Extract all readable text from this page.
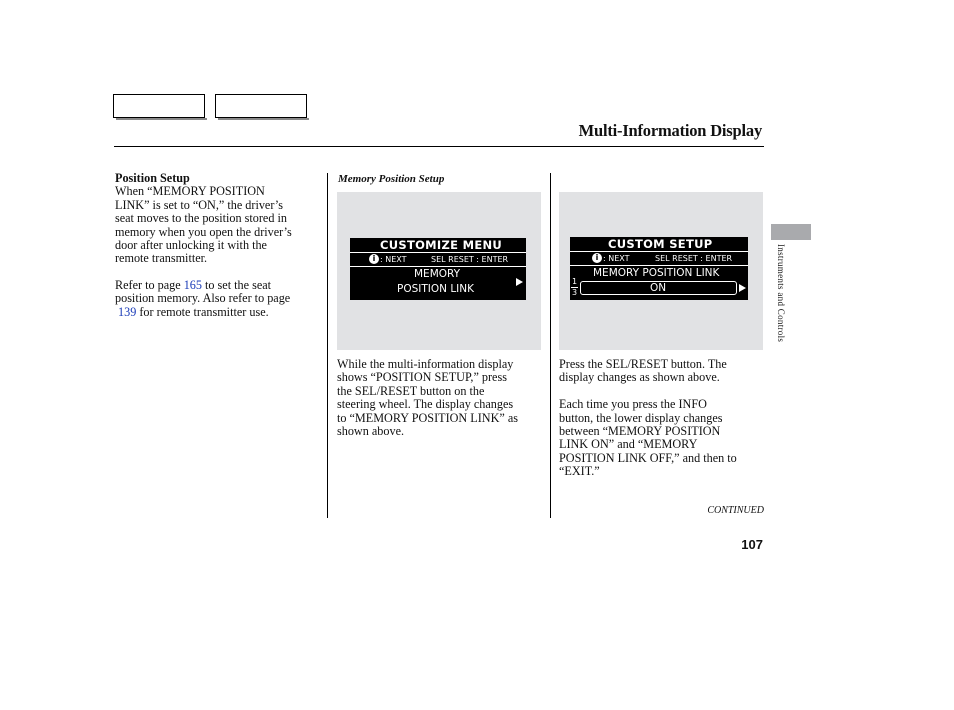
Multi-Information Display
Position Setup
When “MEMORY POSITION
LINK” is set to “ON,” the driver’s
seat moves to the position stored in
memory when you open the driver’s
door after unlocking it with the
remote transmitter.
Refer to page 165 to set the seat
position memory. Also refer to page
139 for remote transmitter use.
Memory Position Setup
CUSTOMIZE MENU
i : NEXT	SEL RESET : ENTER
MEMORY
POSITION LINK
CUSTOM SETUP
i : NEXT	SEL RESET : ENTER
MEMORY POSITION LINK
1
3	ON
While the multi-information display
shows “POSITION SETUP,” press
the SEL/RESET button on the
steering wheel. The display changes
to “MEMORY POSITION LINK” as
shown above.
Press the SEL/RESET button. The
display changes as shown above.
Each time you press the INFO
button, the lower display changes
between “MEMORY POSITION
LINK ON” and “MEMORY
POSITION LINK OFF,” and then to
“EXIT.”
Instruments and Controls
CONTINUED
107
